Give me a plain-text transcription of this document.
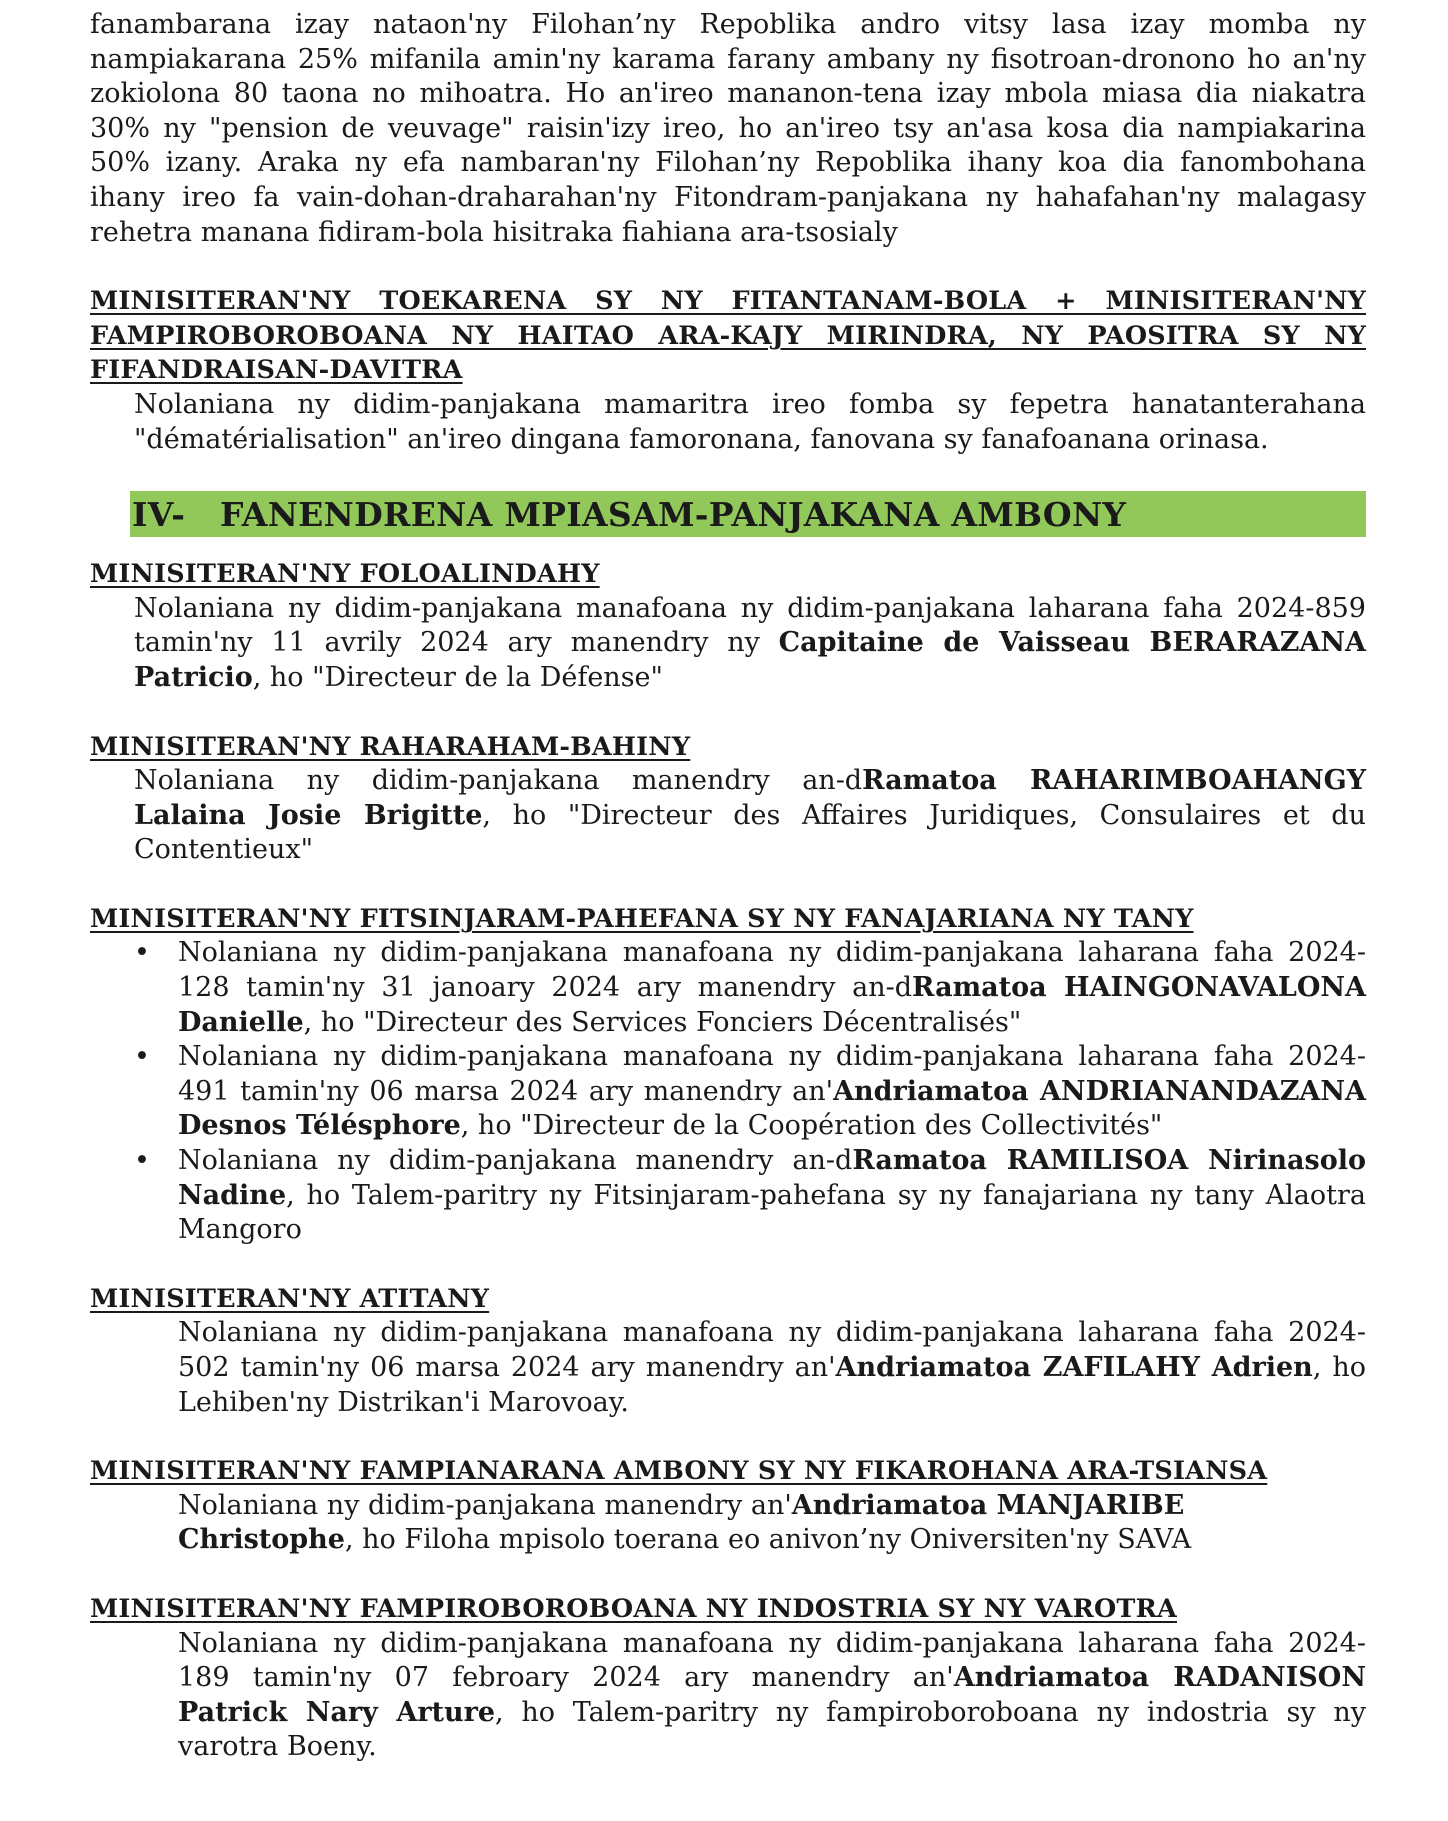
fanambarana izay nataon'ny Filohan’ny Repoblika andro vitsy lasa izay momba ny nampiakarana 25% mifanila amin'ny karama farany ambany ny fisotroan-dronono ho an'ny zokiolona 80 taona no mihoatra. Ho an'ireo mananon-tena izay mbola miasa dia niakatra 30% ny "pension de veuvage" raisin'izy ireo, ho an'ireo tsy an'asa kosa dia nampiakarina 50% izany. Araka ny efa nambaran'ny Filohan’ny Repoblika ihany koa dia fanombohana ihany ireo fa vain-dohan-draharahan'ny Fitondram-panjakana ny hahafahan'ny malagasy rehetra manana fidiram-bola hisitraka fiahiana ara-tsosialy

MINISITERAN'NY TOEKARENA SY NY FITANTANAM-BOLA + MINISITERAN'NY FAMPIROBOROBOANA NY HAITAO ARA-KAJY MIRINDRA, NY PAOSITRA SY NY FIFANDRAISAN-DAVITRA

Nolaniana ny didim-panjakana mamaritra ireo fomba sy fepetra hanatanterahana "dématérialisation" an'ireo dingana famoronana, fanovana sy fanafoanana orinasa.

IV-	FANENDRENA MPIASAM-PANJAKANA AMBONY

MINISITERAN'NY FOLOALINDAHY

Nolaniana ny didim-panjakana manafoana ny didim-panjakana laharana faha 2024-859 tamin'ny 11 avrily 2024 ary manendry ny Capitaine de Vaisseau BERARAZANA Patricio, ho "Directeur de la Défense"

MINISITERAN'NY RAHARAHAM-BAHINY

Nolaniana ny didim-panjakana manendry an-dRamatoa RAHARIMBOAHANGY Lalaina Josie Brigitte, ho "Directeur des Affaires Juridiques, Consulaires et du Contentieux"

MINISITERAN'NY FITSINJARAM-PAHEFANA SY NY FANAJARIANA NY TANY

• Nolaniana ny didim-panjakana manafoana ny didim-panjakana laharana faha 2024-128 tamin'ny 31 janoary 2024 ary manendry an-dRamatoa HAINGONAVALONA Danielle, ho "Directeur des Services Fonciers Décentralisés"
• Nolaniana ny didim-panjakana manafoana ny didim-panjakana laharana faha 2024-491 tamin'ny 06 marsa 2024 ary manendry an'Andriamatoa ANDRIANANDAZANA Desnos Télésphore, ho "Directeur de la Coopération des Collectivités"
• Nolaniana ny didim-panjakana manendry an-dRamatoa RAMILISOA Nirinasolo Nadine, ho Talem-paritry ny Fitsinjaram-pahefana sy ny fanajariana ny tany Alaotra Mangoro

MINISITERAN'NY ATITANY

Nolaniana ny didim-panjakana manafoana ny didim-panjakana laharana faha 2024-502 tamin'ny 06 marsa 2024 ary manendry an'Andriamatoa ZAFILAHY Adrien, ho Lehiben'ny Distrikan'i Marovoay.

MINISITERAN'NY FAMPIANARANA AMBONY SY NY FIKAROHANA ARA-TSIANSA

Nolaniana ny didim-panjakana manendry an'Andriamatoa MANJARIBE Christophe, ho Filoha mpisolo toerana eo anivon’ny Oniversiten'ny SAVA

MINISITERAN'NY FAMPIROBOROBOANA NY INDOSTRIA SY NY VAROTRA

Nolaniana ny didim-panjakana manafoana ny didim-panjakana laharana faha 2024-189 tamin'ny 07 febroary 2024 ary manendry an'Andriamatoa RADANISON Patrick Nary Arture, ho Talem-paritry ny fampiroboroboana ny indostria sy ny varotra Boeny.
